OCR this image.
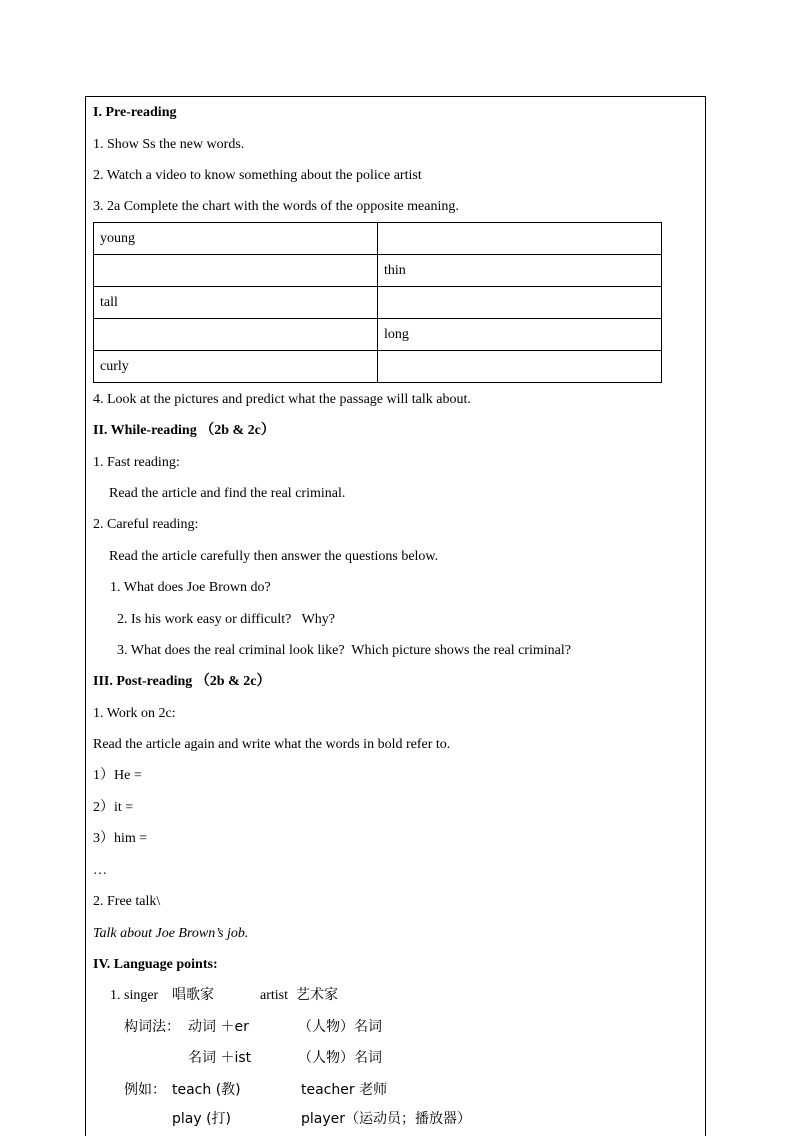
I. Pre-reading
1. Show Ss the new words.
2. Watch a video to know something about the police artist
3. 2a Complete the chart with the words of the opposite meaning.
young	
	thin
tall	
	long
curly	
4. Look at the pictures and predict what the passage will talk about.
II. While-reading （2b & 2c）
1. Fast reading:
Read the article and find the real criminal.
2. Careful reading:
Read the article carefully then answer the questions below.
1. What does Joe Brown do?
2. Is his work easy or difficult?   Why?
3. What does the real criminal look like?  Which picture shows the real criminal?
III. Post-reading （2b & 2c）
1. Work on 2c:
Read the article again and write what the words in bold refer to.
1）He =
2）it =
3）him =
…
2. Free talk\
Talk about Joe Brown’s job.
IV. Language points:
1. singer 唱歌家	artist 艺术家
构词法： 动词 ＋er	（人物）名词
名词 ＋ist	（人物）名词
例如： teach (教)	teacher 老师
play (打)	player（运动员；播放器）
